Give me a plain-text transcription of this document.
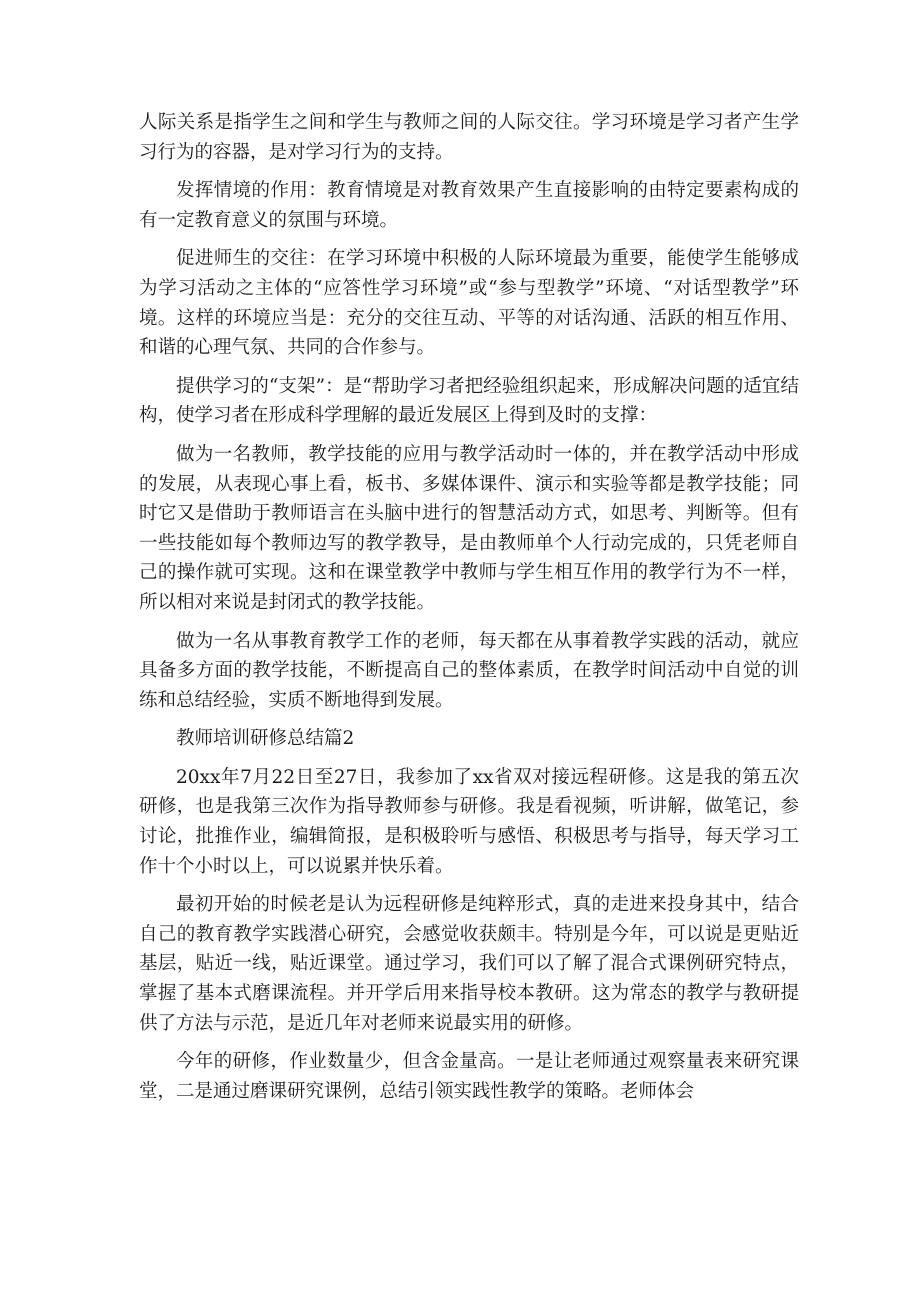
人际关系是指学生之间和学生与教师之间的人际交往。学习环境是学习者产生学习行为的容器，是对学习行为的支持。

发挥情境的作用：教育情境是对教育效果产生直接影响的由特定要素构成的有一定教育意义的氛围与环境。

促进师生的交往：在学习环境中积极的人际环境最为重要，能使学生能够成为学习活动之主体的“应答性学习环境”或“参与型教学”环境、“对话型教学”环境。这样的环境应当是：充分的交往互动、平等的对话沟通、活跃的相互作用、和谐的心理气氛、共同的合作参与。

提供学习的“支架”：是“帮助学习者把经验组织起来，形成解决问题的适宜结构，使学习者在形成科学理解的最近发展区上得到及时的支撑：

做为一名教师，教学技能的应用与教学活动时一体的，并在教学活动中形成的发展，从表现心事上看，板书、多媒体课件、演示和实验等都是教学技能；同时它又是借助于教师语言在头脑中进行的智慧活动方式，如思考、判断等。但有一些技能如每个教师边写的教学教导，是由教师单个人行动完成的，只凭老师自己的操作就可实现。这和在课堂教学中教师与学生相互作用的教学行为不一样，所以相对来说是封闭式的教学技能。

做为一名从事教育教学工作的老师，每天都在从事着教学实践的活动，就应具备多方面的教学技能，不断提高自己的整体素质，在教学时间活动中自觉的训练和总结经验，实质不断地得到发展。

教师培训研修总结篇2

20xx年7月22日至27日，我参加了xx省双对接远程研修。这是我的第五次研修，也是我第三次作为指导教师参与研修。我是看视频，听讲解，做笔记，参讨论，批推作业，编辑简报，是积极聆听与感悟、积极思考与指导，每天学习工作十个小时以上，可以说累并快乐着。

最初开始的时候老是认为远程研修是纯粹形式，真的走进来投身其中，结合自己的教育教学实践潜心研究，会感觉收获颇丰。特别是今年，可以说是更贴近基层，贴近一线，贴近课堂。通过学习，我们可以了解了混合式课例研究特点，掌握了基本式磨课流程。并开学后用来指导校本教研。这为常态的教学与教研提供了方法与示范，是近几年对老师来说最实用的研修。

今年的研修，作业数量少，但含金量高。一是让老师通过观察量表来研究课堂，二是通过磨课研究课例，总结引领实践性教学的策略。老师体会
